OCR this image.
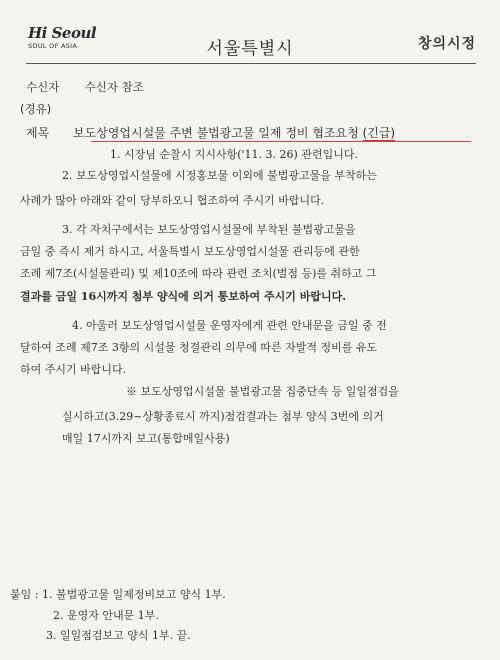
Hi Seoul
SOUL OF ASIA	서울특별시	창의시정
수신자 수신자 참조
(경유)
제목 보도상영업시설물 주변 불법광고물 일제 정비 협조요청 (긴급)
1. 시장님 순찰시 지시사항('11. 3. 26) 관련입니다.
2. 보도상영업시설물에 시정홍보물 이외에 불법광고물을 부착하는
사례가 많아 아래와 같이 당부하오니 협조하여 주시기 바랍니다.
3. 각 자치구에서는 보도상영업시설물에 부착된 불법광고물을
금일 중 즉시 제거 하시고, 서울특별시 보도상영업시설물 관리등에 관한
조례 제7조(시설물관리) 및 제10조에 따라 관련 조치(벌점 등)를 취하고 그
결과를 금일 16시까지 첨부 양식에 의거 통보하여 주시기 바랍니다.
4. 아울러 보도상영업시설물 운영자에게 관련 안내문을 금일 중 전
달하여 조례 제7조 3항의 시설물 청결관리 의무에 따른 자발적 정비를 유도
하여 주시기 바랍니다.
※ 보도상영업시설물 불법광고물 집중단속 등 일일점검을
실시하고(3.29~상황종료시 까지)점검결과는 첨부 양식 3번에 의거
매일 17시까지 보고(통합메일사용)
붙임 : 1. 불법광고물 일제정비보고 양식 1부.
2. 운영자 안내문 1부.
3. 일일점검보고 양식 1부. 끝.
